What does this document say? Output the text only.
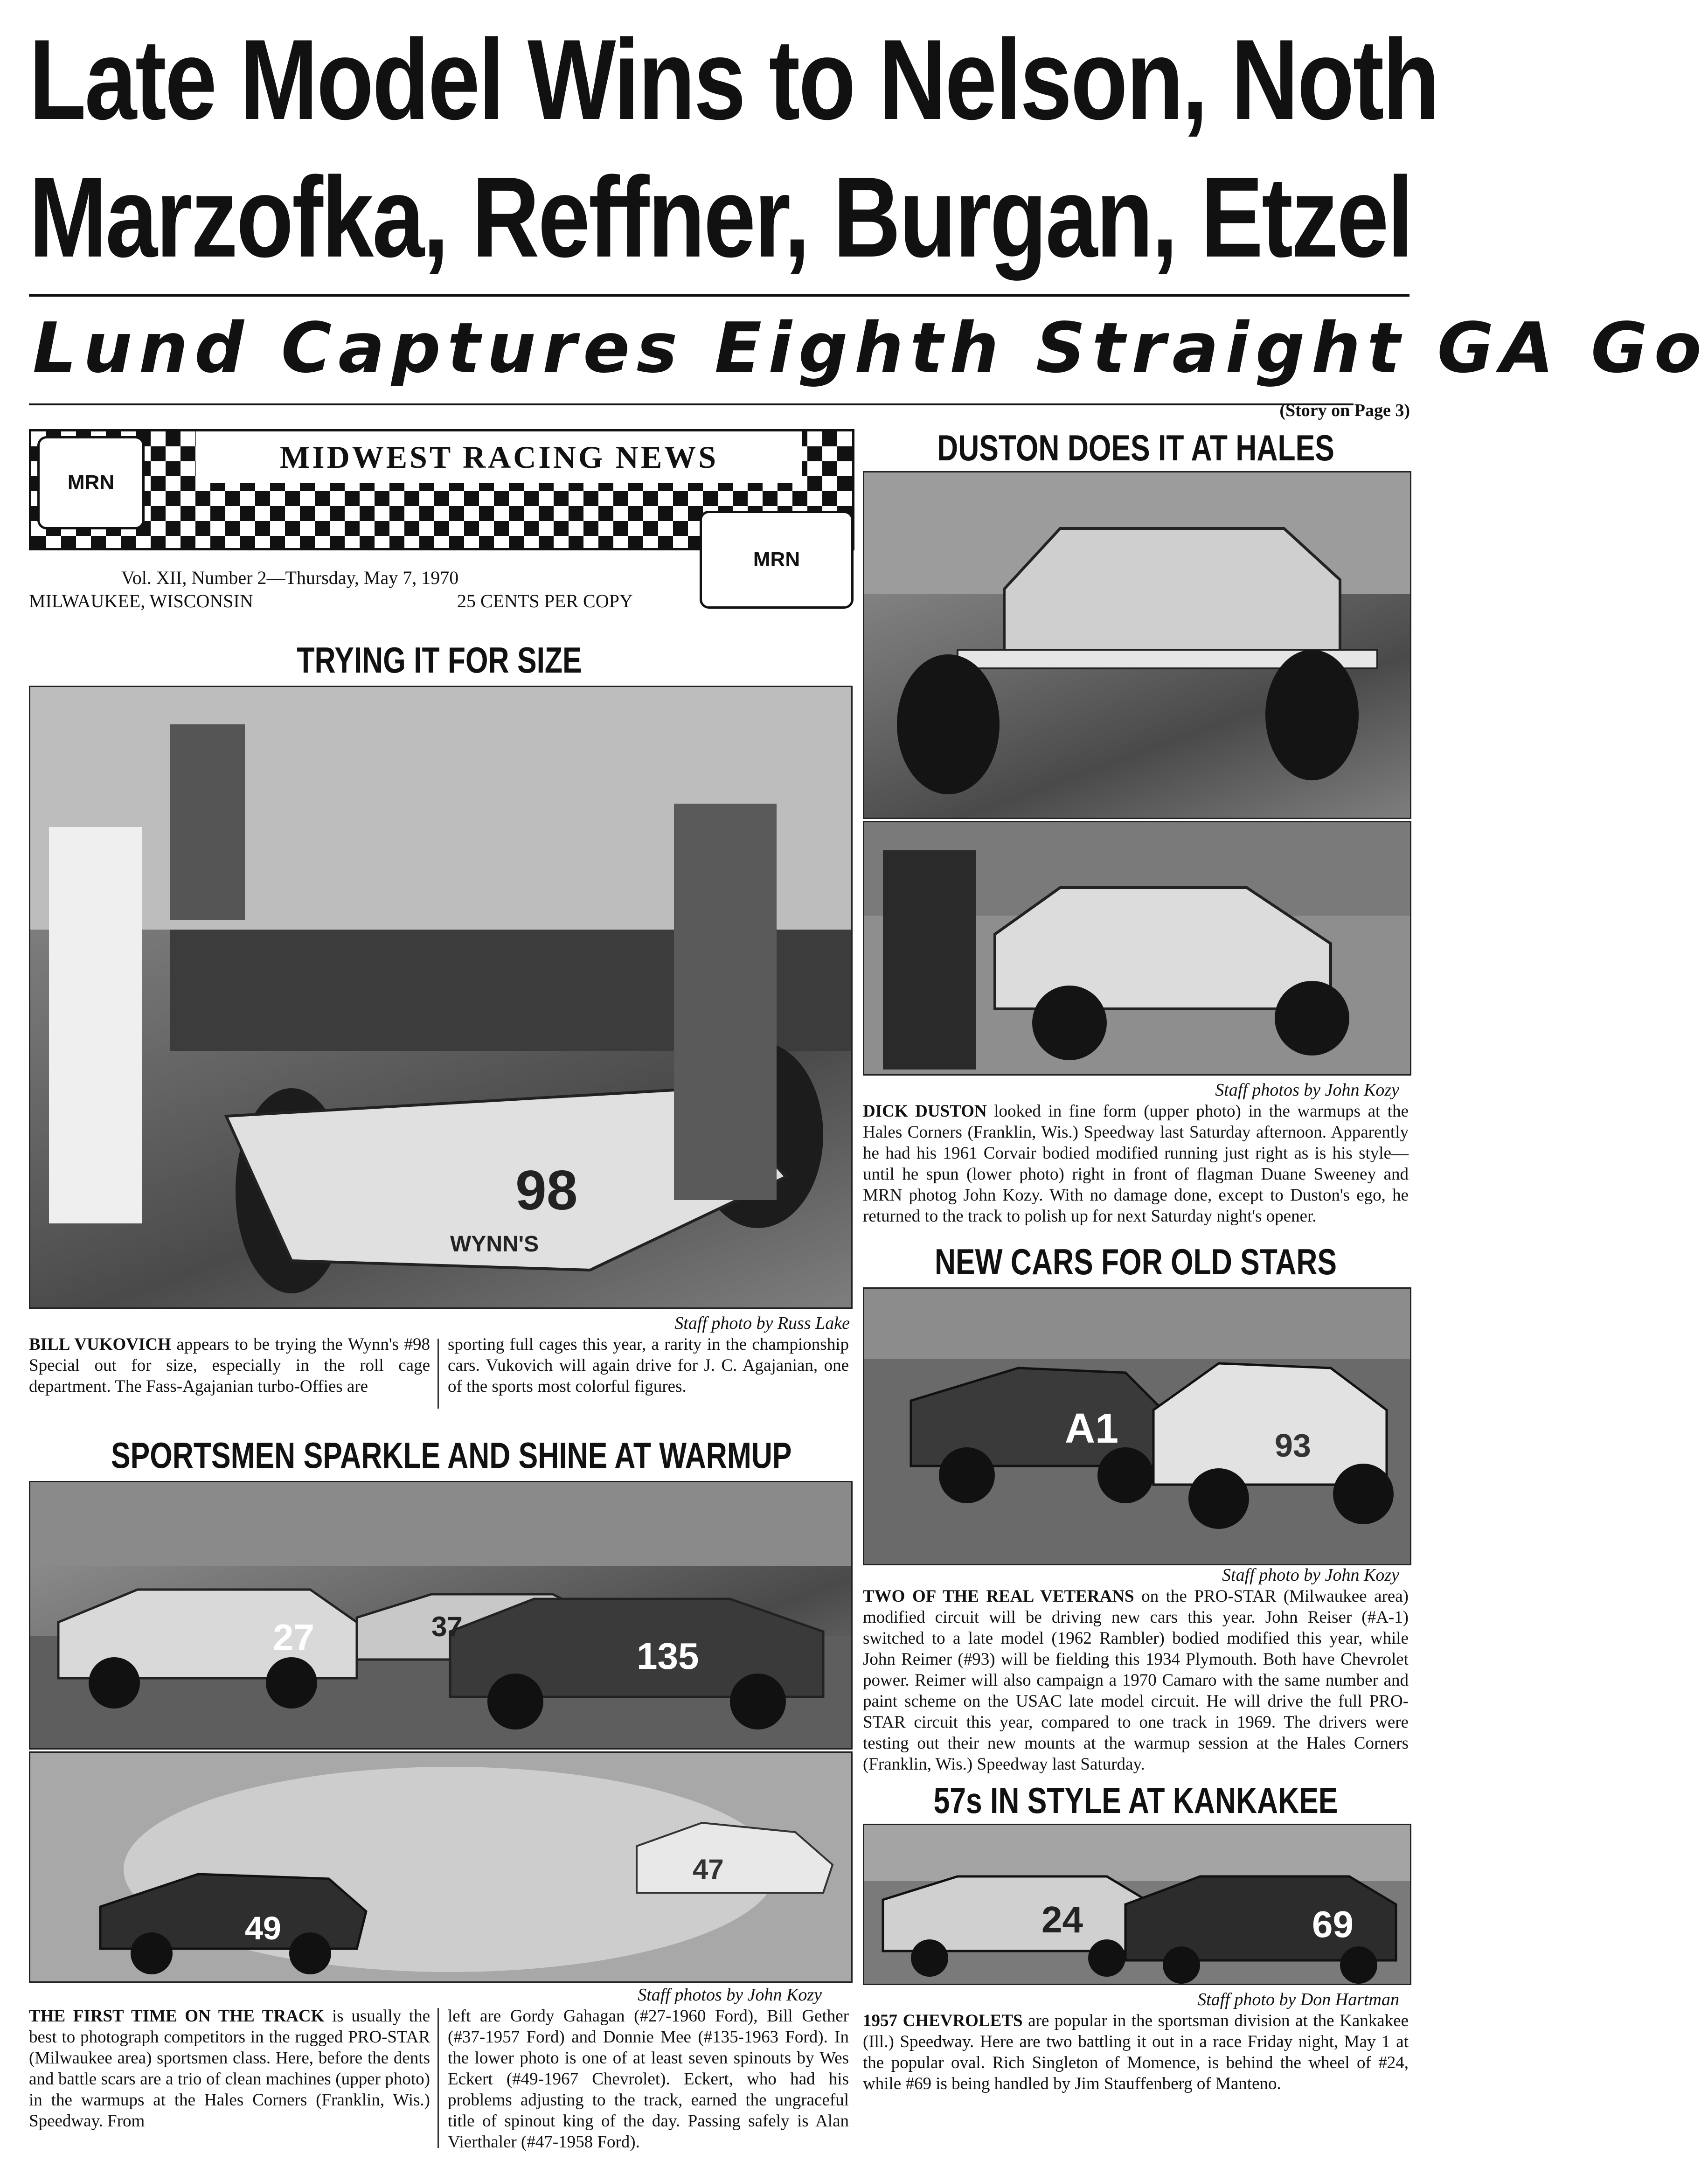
Late Model Wins to Nelson, Noth
Marzofka, Reffner, Burgan, Etzel
Lund Captures Eighth Straight GA Go
(Story on Page 3)
MIDWEST RACING NEWS
MRN
MRN
Vol. XII, Number 2—Thursday, May 7, 1970
MILWAUKEE, WISCONSIN	25 CENTS PER COPY
TRYING IT FOR SIZE
98
WYNN'S
Staff photo by Russ Lake
BILL VUKOVICH appears to be trying the Wynn's #98 Special out for size, especially in the roll cage department. The Fass-Agajanian turbo-Offies are
sporting full cages this year, a rarity in the championship cars. Vukovich will again drive for J. C. Agajanian, one of the sports most colorful figures.
SPORTSMEN SPARKLE AND SHINE AT WARMUP
27	37
135
49
47
Staff photos by John Kozy
THE FIRST TIME ON THE TRACK is usually the best to photograph competitors in the rugged PRO-STAR (Milwaukee area) sportsmen class. Here, before the dents and battle scars are a trio of clean machines (upper photo) in the warmups at the Hales Corners (Franklin, Wis.) Speedway. From
left are Gordy Gahagan (#27-1960 Ford), Bill Gether (#37-1957 Ford) and Donnie Mee (#135-1963 Ford). In the lower photo is one of at least seven spinouts by Wes Eckert (#49-1967 Chevrolet). Eckert, who had his problems adjusting to the track, earned the ungraceful title of spinout king of the day. Passing safely is Alan Vierthaler (#47-1958 Ford).
DUSTON DOES IT AT HALES
Staff photos by John Kozy
DICK DUSTON looked in fine form (upper photo) in the warmups at the Hales Corners (Franklin, Wis.) Speedway last Saturday afternoon. Apparently he had his 1961 Corvair bodied modified running just right as is his style—until he spun (lower photo) right in front of flagman Duane Sweeney and MRN photog John Kozy. With no damage done, except to Duston's ego, he returned to the track to polish up for next Saturday night's opener.
NEW CARS FOR OLD STARS
A1	93
Staff photo by John Kozy
TWO OF THE REAL VETERANS on the PRO-STAR (Milwaukee area) modified circuit will be driving new cars this year. John Reiser (#A-1) switched to a late model (1962 Rambler) bodied modified this year, while John Reimer (#93) will be fielding this 1934 Plymouth. Both have Chevrolet power. Reimer will also campaign a 1970 Camaro with the same number and paint scheme on the USAC late model circuit. He will drive the full PRO-STAR circuit this year, compared to one track in 1969. The drivers were testing out their new mounts at the warmup session at the Hales Corners (Franklin, Wis.) Speedway last Saturday.
57s IN STYLE AT KANKAKEE
24	69
Staff photo by Don Hartman
1957 CHEVROLETS are popular in the sportsman division at the Kankakee (Ill.) Speedway. Here are two battling it out in a race Friday night, May 1 at the popular oval. Rich Singleton of Momence, is behind the wheel of #24, while #69 is being handled by Jim Stauffenberg of Manteno.
